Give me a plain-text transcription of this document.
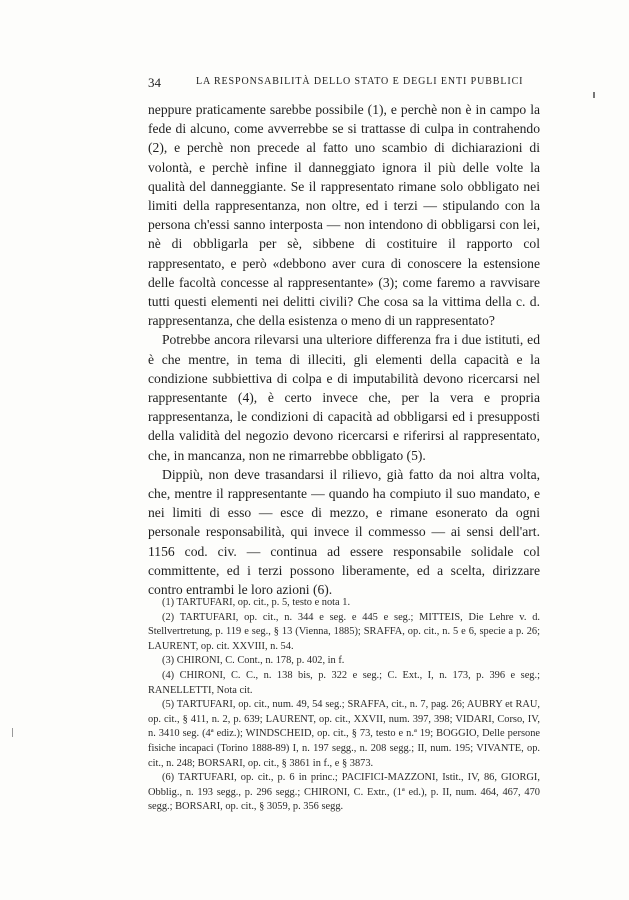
34	LA RESPONSABILITÀ DELLO STATO E DEGLI ENTI PUBBLICI

neppure praticamente sarebbe possibile (1), e perchè non è in campo la fede di alcuno, come avverrebbe se si trattasse di culpa in contrahendo (2), e perchè non precede al fatto uno scambio di dichiarazioni di volontà, e perchè infine il danneggiato ignora il più delle volte la qualità del danneggiante. Se il rappresentato rimane solo obbligato nei limiti della rappresentanza, non oltre, ed i terzi — stipulando con la persona ch'essi sanno interposta — non intendono di obbligarsi con lei, nè di obbligarla per sè, sibbene di costituire il rapporto col rappresentato, e però «debbono aver cura di conoscere la estensione delle facoltà concesse al rappresentante» (3); come faremo a ravvisare tutti questi elementi nei delitti civili? Che cosa sa la vittima della c. d. rappresentanza, che della esistenza o meno di un rappresentato?

Potrebbe ancora rilevarsi una ulteriore differenza fra i due istituti, ed è che mentre, in tema di illeciti, gli elementi della capacità e la condizione subbiettiva di colpa e di imputabilità devono ricercarsi nel rappresentante (4), è certo invece che, per la vera e propria rappresentanza, le condizioni di capacità ad obbligarsi ed i presupposti della validità del negozio devono ricercarsi e riferirsi al rappresentato, che, in mancanza, non ne rimarrebbe obbligato (5).

Dippiù, non deve trasandarsi il rilievo, già fatto da noi altra volta, che, mentre il rappresentante — quando ha compiuto il suo mandato, e nei limiti di esso — esce di mezzo, e rimane esonerato da ogni personale responsabilità, qui invece il commesso — ai sensi dell'art. 1156 cod. civ. — continua ad essere responsabile solidale col committente, ed i terzi possono liberamente, ed a scelta, dirizzare contro entrambi le loro azioni (6).

(1) TARTUFARI, op. cit., p. 5, testo e nota 1.

(2) TARTUFARI, op. cit., n. 344 e seg. e 445 e seg.; MITTEIS, Die Lehre v. d. Stellvertretung, p. 119 e seg., § 13 (Vienna, 1885); SRAFFA, op. cit., n. 5 e 6, specie a p. 26; LAURENT, op. cit. XXVIII, n. 54.

(3) CHIRONI, C. Cont., n. 178, p. 402, in f.

(4) CHIRONI, C. C., n. 138 bis, p. 322 e seg.; C. Ext., I, n. 173, p. 396 e seg.; RANELLETTI, Nota cit.

(5) TARTUFARI, op. cit., num. 49, 54 seg.; SRAFFA, cit., n. 7, pag. 26; AUBRY et RAU, op. cit., § 411, n. 2, p. 639; LAURENT, op. cit., XXVII, num. 397, 398; VIDARI, Corso, IV, n. 3410 seg. (4ª ediz.); WINDSCHEID, op. cit., § 73, testo e n.ª 19; BOGGIO, Delle persone fisiche incapaci (Torino 1888-89) I, n. 197 segg., n. 208 segg.; II, num. 195; VIVANTE, op. cit., n. 248; BORSARI, op. cit., § 3861 in f., e § 3873.

(6) TARTUFARI, op. cit., p. 6 in princ.; PACIFICI-MAZZONI, Istit., IV, 86, GIORGI, Obblig., n. 193 segg., p. 296 segg.; CHIRONI, C. Extr., (1ª ed.), p. II, num. 464, 467, 470 segg.; BORSARI, op. cit., § 3059, p. 356 segg.
